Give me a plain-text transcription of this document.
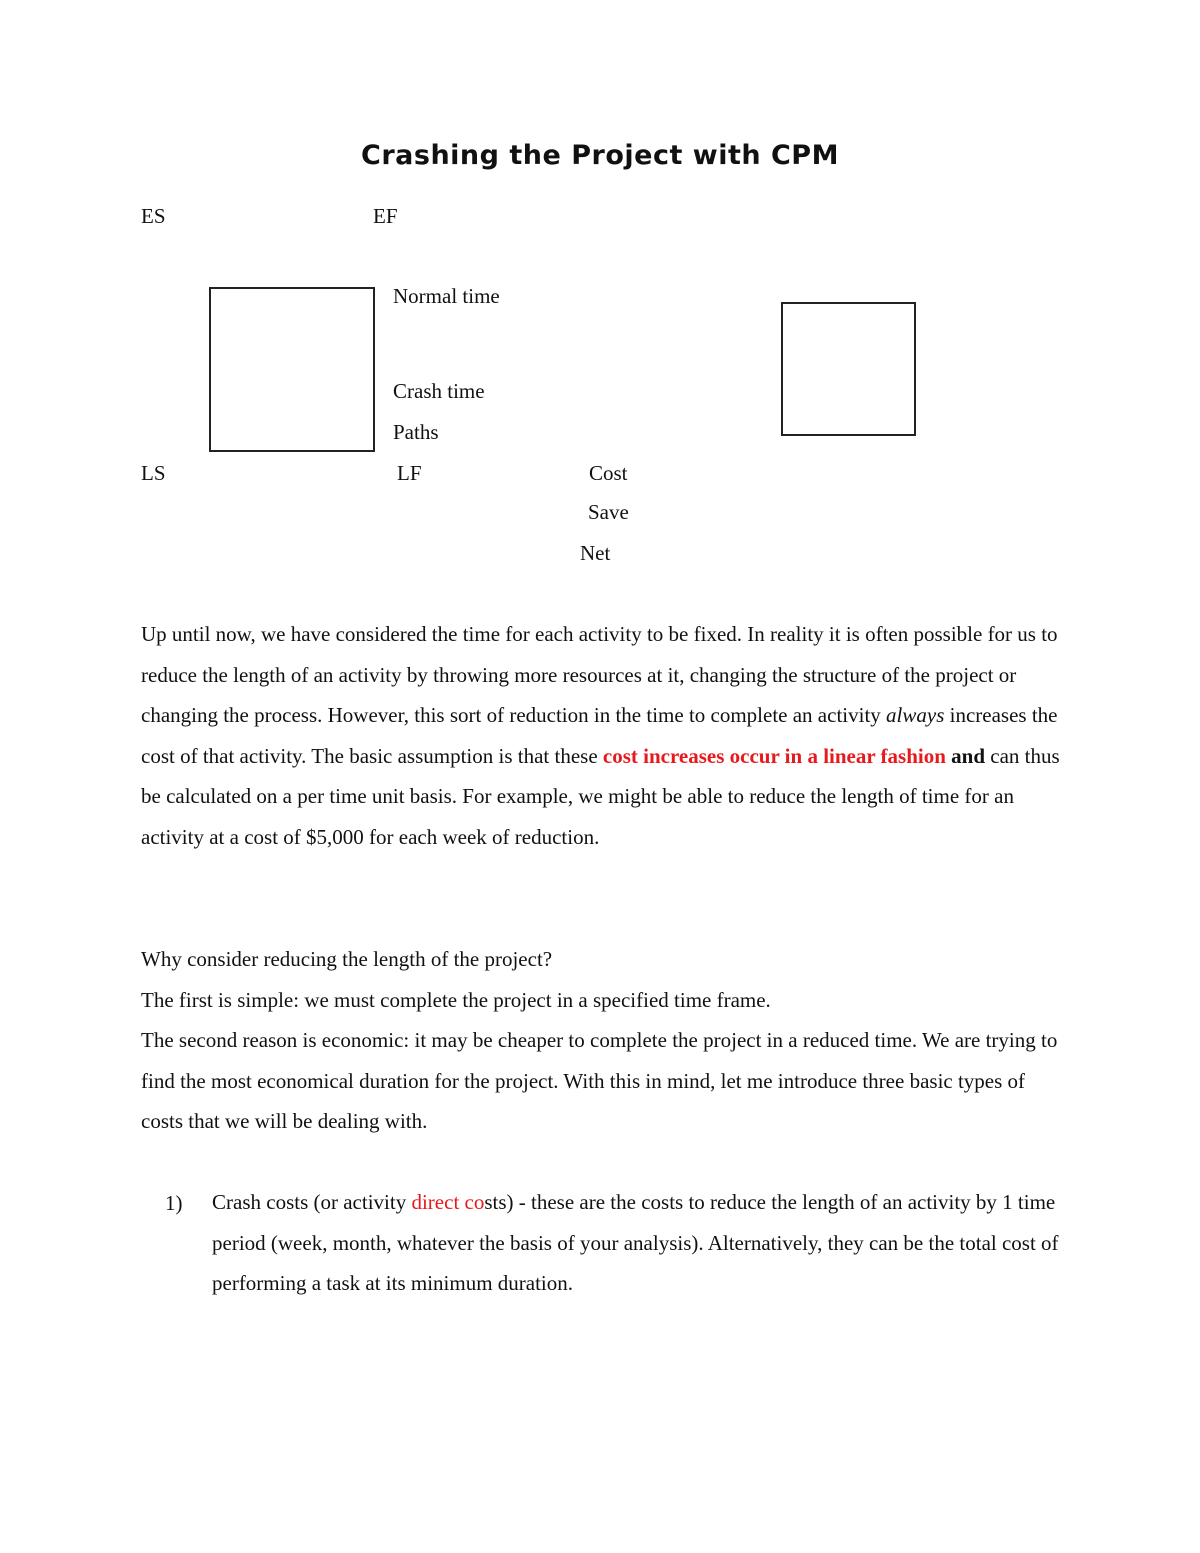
Crashing the Project with CPM
ES	EF
Normal time
Crash time
Paths
LS	LF	Cost
Save
Net

Up until now, we have considered the time for each activity to be fixed. In reality it is often possible for us to reduce the length of an activity by throwing more resources at it, changing the structure of the project or changing the process. However, this sort of reduction in the time to complete an activity always increases the cost of that activity. The basic assumption is that these cost increases occur in a linear fashion and can thus be calculated on a per time unit basis. For example, we might be able to reduce the length of time for an activity at a cost of $5,000 for each week of reduction.

Why consider reducing the length of the project?
The first is simple: we must complete the project in a specified time frame.
The second reason is economic: it may be cheaper to complete the project in a reduced time. We are trying to find the most economical duration for the project. With this in mind, let me introduce three basic types of costs that we will be dealing with.

1) Crash costs (or activity direct costs) - these are the costs to reduce the length of an activity by 1 time period (week, month, whatever the basis of your analysis). Alternatively, they can be the total cost of performing a task at its minimum duration.
